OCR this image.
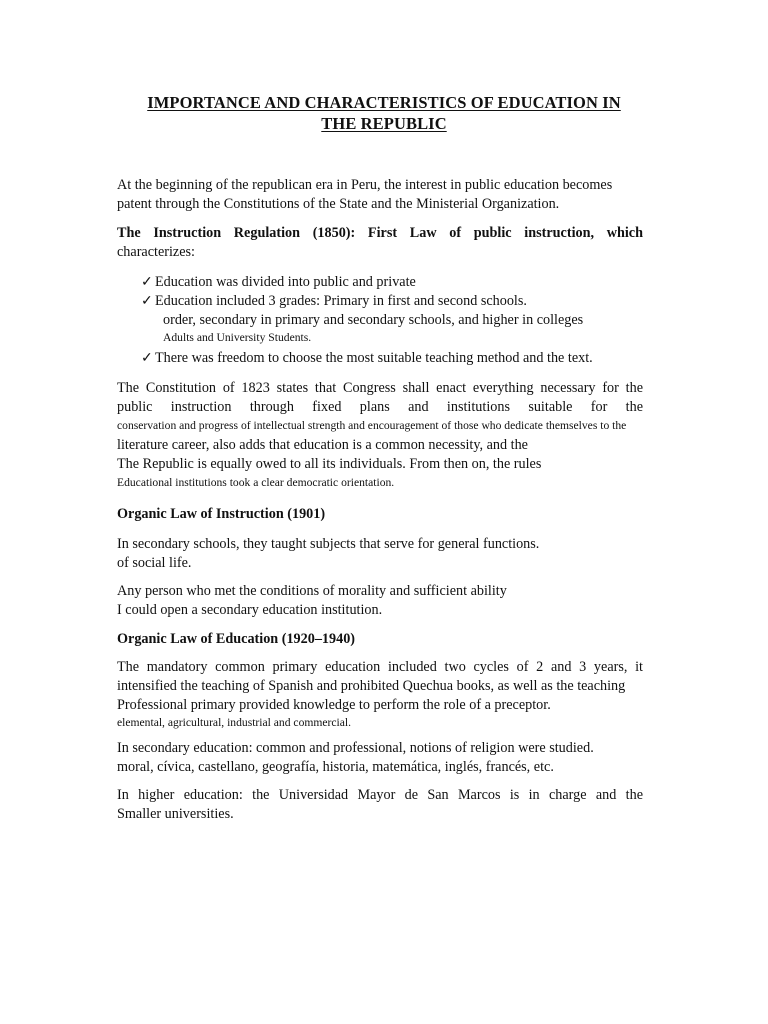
IMPORTANCE AND CHARACTERISTICS OF EDUCATION IN
THE REPUBLIC

At the beginning of the republican era in Peru, the interest in public education becomes
patent through the Constitutions of the State and the Ministerial Organization.

The Instruction Regulation (1850): First Law of public instruction, which
characterizes:

✓ Education was divided into public and private
✓ Education included 3 grades: Primary in first and second schools.
order, secondary in primary and secondary schools, and higher in colleges
Adults and University Students.
✓ There was freedom to choose the most suitable teaching method and the text.

The Constitution of 1823 states that Congress shall enact everything necessary for the
public instruction through fixed plans and institutions suitable for the
conservation and progress of intellectual strength and encouragement of those who dedicate themselves to the
literature career, also adds that education is a common necessity, and the
The Republic is equally owed to all its individuals. From then on, the rules
Educational institutions took a clear democratic orientation.

Organic Law of Instruction (1901)

In secondary schools, they taught subjects that serve for general functions.
of social life.

Any person who met the conditions of morality and sufficient ability
I could open a secondary education institution.

Organic Law of Education (1920–1940)

The mandatory common primary education included two cycles of 2 and 3 years, it
intensified the teaching of Spanish and prohibited Quechua books, as well as the teaching
Professional primary provided knowledge to perform the role of a preceptor.
elemental, agricultural, industrial and commercial.

In secondary education: common and professional, notions of religion were studied.
moral, cívica, castellano, geografía, historia, matemática, inglés, francés, etc.

In higher education: the Universidad Mayor de San Marcos is in charge and the
Smaller universities.
